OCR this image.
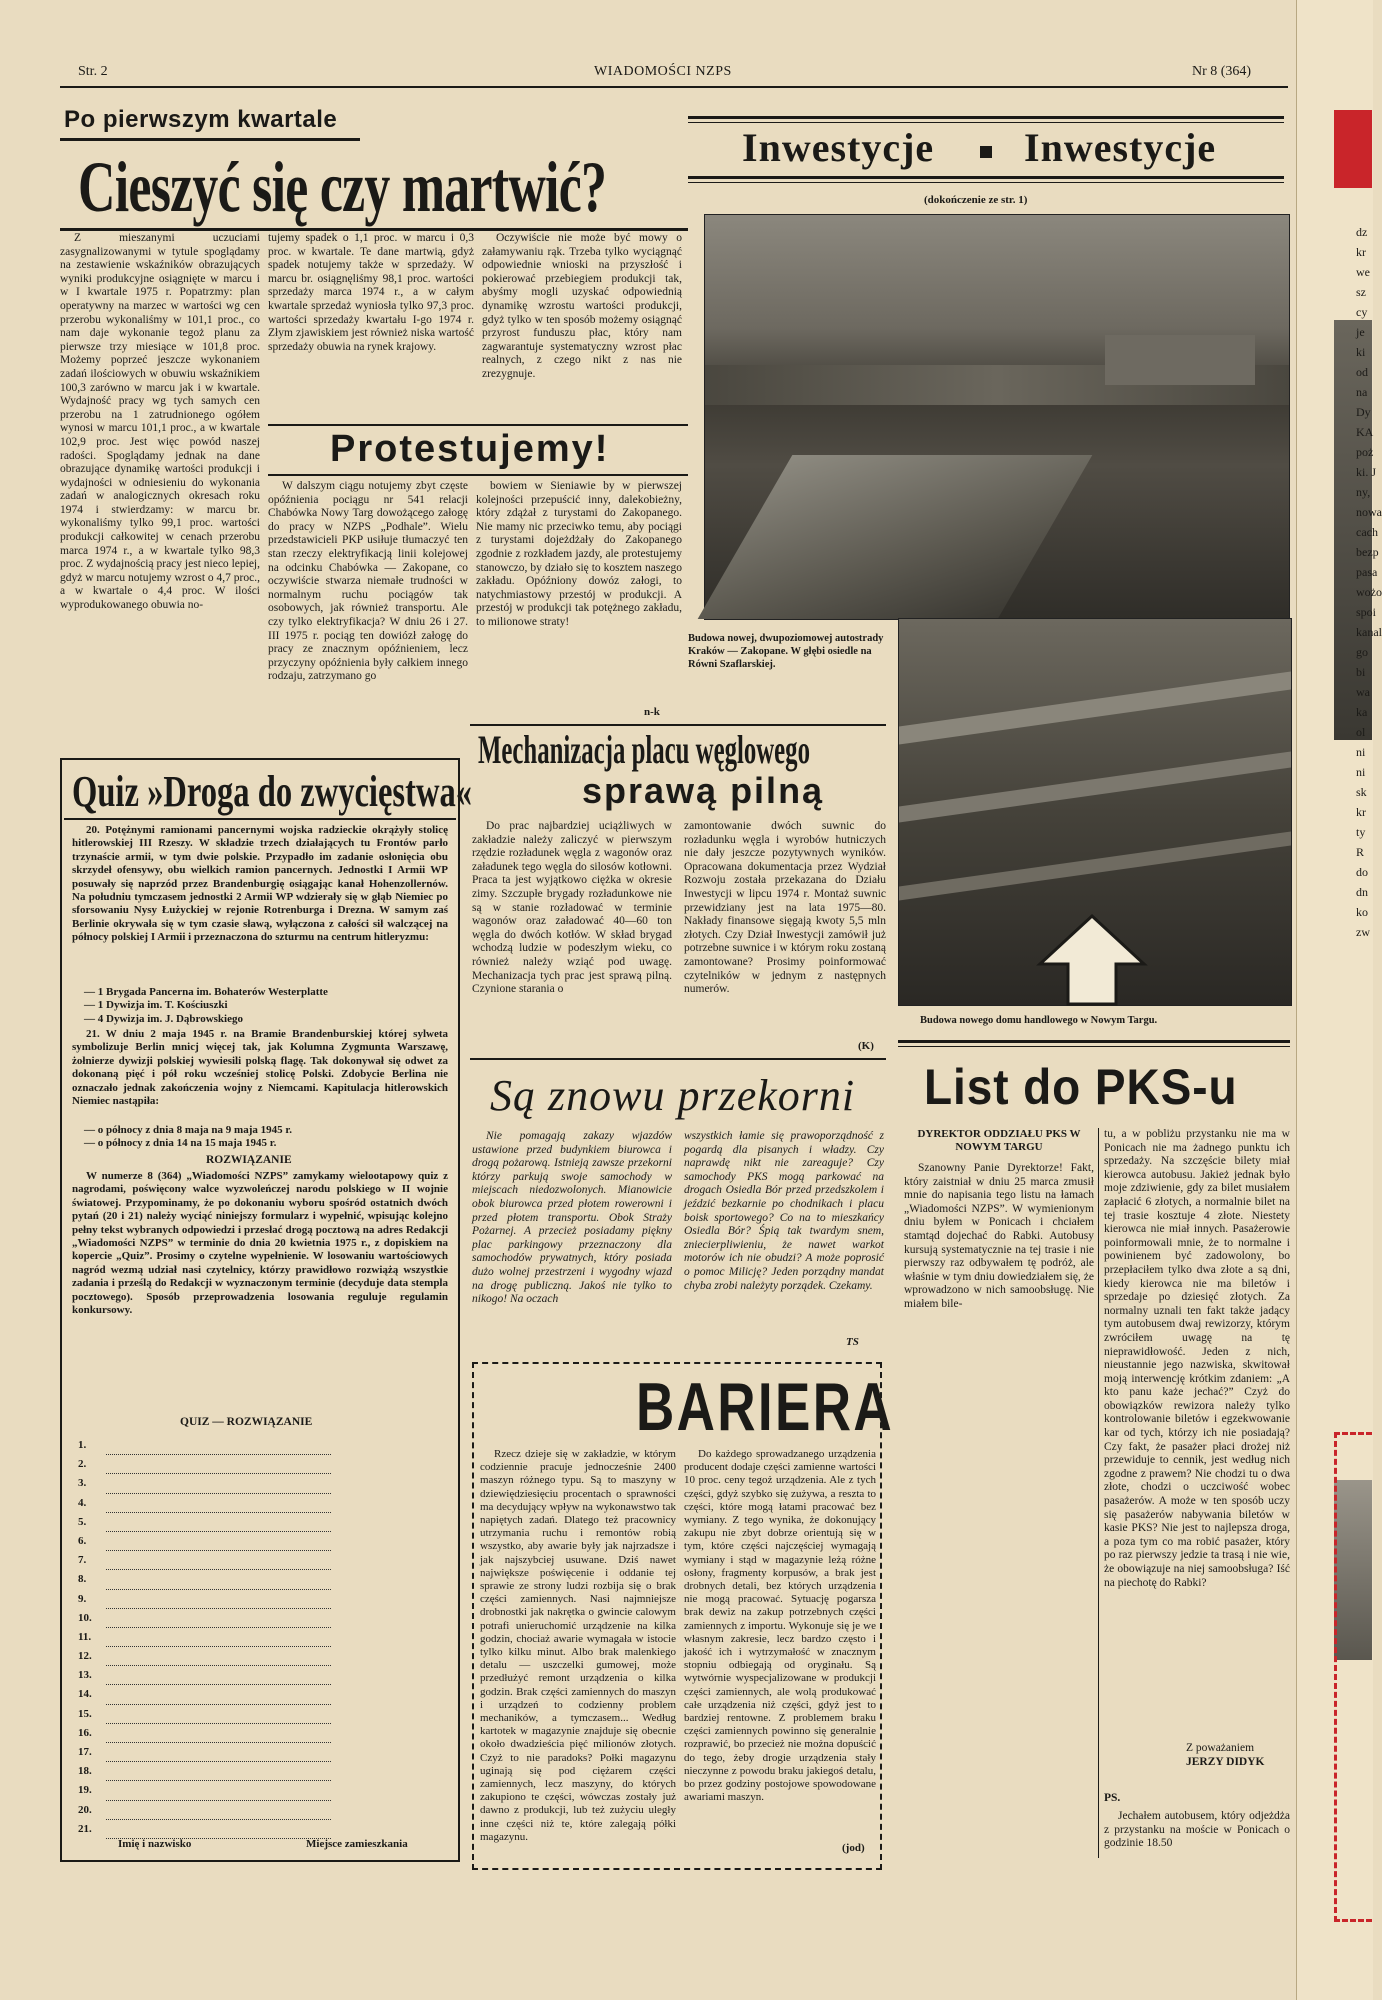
Str. 2	WIADOMOŚCI NZPS	Nr 8 (364)
Po pierwszym kwartale
Cieszyć się czy martwić?
Z mieszanymi uczuciami zasygnalizowanymi w tytule spoglądamy na zestawienie wskaźników obrazujących wyniki produkcyjne osiągnięte w marcu i w I kwartale 1975 r. Popatrzmy: plan operatywny na marzec w wartości wg cen przerobu wykonaliśmy w 101,1 proc., co nam daje wykonanie tegoż planu za pierwsze trzy miesiące w 101,8 proc. Możemy poprzeć jeszcze wykonaniem zadań ilościowych w obuwiu wskaźnikiem 100,3 zarówno w marcu jak i w kwartale. Wydajność pracy wg tych samych cen przerobu na 1 zatrudnionego ogółem wynosi w marcu 101,1 proc., a w kwartale 102,9 proc. Jest więc powód naszej radości. Spoglądamy jednak na dane obrazujące dynamikę wartości produkcji i wydajności w odniesieniu do wykonania zadań w analogicznych okresach roku 1974 i stwierdzamy: w marcu br. wykonaliśmy tylko 99,1 proc. wartości produkcji całkowitej w cenach przerobu marca 1974 r., a w kwartale tylko 98,3 proc. Z wydajnością pracy jest nieco lepiej, gdyż w marcu notujemy wzrost o 4,7 proc., a w kwartale o 4,4 proc. W ilości wyprodukowanego obuwia no-
tujemy spadek o 1,1 proc. w marcu i 0,3 proc. w kwartale. Te dane martwią, gdyż spadek notujemy także w sprzedaży. W marcu br. osiągnęliśmy 98,1 proc. wartości sprzedaży marca 1974 r., a w całym kwartale sprzedaż wyniosła tylko 97,3 proc. wartości sprzedaży kwartału I-go 1974 r. Złym zjawiskiem jest również niska wartość sprzedaży obuwia na rynek krajowy.
Oczywiście nie może być mowy o załamywaniu rąk. Trzeba tylko wyciągnąć odpowiednie wnioski na przyszłość i pokierować przebiegiem produkcji tak, abyśmy mogli uzyskać odpowiednią dynamikę wzrostu wartości produkcji, gdyż tylko w ten sposób możemy osiągnąć przyrost funduszu płac, który nam zagwarantuje systematyczny wzrost płac realnych, z czego nikt z nas nie zrezygnuje.
Protestujemy!
W dalszym ciągu notujemy zbyt częste opóźnienia pociągu nr 541 relacji Chabówka Nowy Targ dowożącego załogę do pracy w NZPS „Podhale”. Wielu przedstawicieli PKP usiłuje tłumaczyć ten stan rzeczy elektryfikacją linii kolejowej na odcinku Chabówka — Zakopane, co oczywiście stwarza niemałe trudności w normalnym ruchu pociągów tak osobowych, jak również transportu. Ale czy tylko elektryfikacja? W dniu 26 i 27. III 1975 r. pociąg ten dowiózł załogę do pracy ze znacznym opóźnieniem, lecz przyczyny opóźnienia były całkiem innego rodzaju, zatrzymano go
bowiem w Sieniawie by w pierwszej kolejności przepuścić inny, dalekobieżny, który zdążał z turystami do Zakopanego. Nie mamy nic przeciwko temu, aby pociągi z turystami dojeżdżały do Zakopanego zgodnie z rozkładem jazdy, ale protestujemy stanowczo, by działo się to kosztem naszego zakładu. Opóźniony dowóz załogi, to natychmiastowy przestój w produkcji. A przestój w produkcji tak potężnego zakładu, to milionowe straty!
n-k
Inwestycje Inwestycje
(dokończenie ze str. 1)
Budowa nowej, dwupoziomowej autostrady Kraków — Zakopane. W głębi osiedle na Równi Szaflarskiej.
Budowa nowego domu handlowego w Nowym Targu.
Quiz »Droga do zwycięstwa«
20. Potężnymi ramionami pancernymi wojska radzieckie okrążyły stolicę hitlerowskiej III Rzeszy. W składzie trzech działających tu Frontów parło trzynaście armii, w tym dwie polskie. Przypadło im zadanie osłonięcia obu skrzydeł ofensywy, obu wielkich ramion pancernych. Jednostki I Armii WP posuwały się naprzód przez Brandenburgię osiągając kanał Hohenzollernów. Na południu tymczasem jednostki 2 Armii WP wdzierały się w głąb Niemiec po sforsowaniu Nysy Łużyckiej w rejonie Rotrenburga i Drezna. W samym zaś Berlinie okrywała się w tym czasie sławą, wyłączona z całości sił walczącej na północy polskiej I Armii i przeznaczona do szturmu na centrum hitleryzmu:
— 1 Brygada Pancerna im. Bohaterów Westerplatte
— 1 Dywizja im. T. Kościuszki
— 4 Dywizja im. J. Dąbrowskiego
21. W dniu 2 maja 1945 r. na Bramie Brandenburskiej której sylweta symbolizuje Berlin mnicj więcej tak, jak Kolumna Zygmunta Warszawę, żołnierze dywizji polskiej wywiesili polską flagę. Tak dokonywał się odwet za dokonaną pięć i pół roku wcześniej stolicę Polski. Zdobycie Berlina nie oznaczało jednak zakończenia wojny z Niemcami. Kapitulacja hitlerowskich Niemiec nastąpiła:
— o północy z dnia 8 maja na 9 maja 1945 r.
— o północy z dnia 14 na 15 maja 1945 r.
ROZWIĄZANIE
W numerze 8 (364) „Wiadomości NZPS” zamykamy wielootapowy quiz z nagrodami, poświęcony walce wyzwoleńczej narodu polskiego w II wojnie światowej. Przypominamy, że po dokonaniu wyboru spośród ostatnich dwóch pytań (20 i 21) należy wyciąć niniejszy formularz i wypełnić, wpisując kolejno pełny tekst wybranych odpowiedzi i przesłać drogą pocztową na adres Redakcji „Wiadomości NZPS” w terminie do dnia 20 kwietnia 1975 r., z dopiskiem na kopercie „Quiz”. Prosimy o czytelne wypełnienie. W losowaniu wartościowych nagród wezmą udział nasi czytelnicy, którzy prawidłowo rozwiążą wszystkie zadania i prześlą do Redakcji w wyznaczonym terminie (decyduje data stempla pocztowego). Sposób przeprowadzenia losowania reguluje regulamin konkursowy.
QUIZ — ROZWIĄZANIE
1.
2.
3.
4.
5.
6.
7.
8.
9.
10.
11.
12.
13.
14.
15.
16.
17.
18.
19.
20.
21.
Imię i nazwisko	Miejsce zamieszkania
Mechanizacja placu węglowego
sprawą pilną
Do prac najbardziej uciążliwych w zakładzie należy zaliczyć w pierwszym rzędzie rozładunek węgla z wagonów oraz załadunek tego węgla do silosów kotłowni. Praca ta jest wyjątkowo ciężka w okresie zimy. Szczupłe brygady rozładunkowe nie są w stanie rozładować w terminie wagonów oraz załadować 40—60 ton węgla do dwóch kotłów. W skład brygad wchodzą ludzie w podeszłym wieku, co również należy wziąć pod uwagę. Mechanizacja tych prac jest sprawą pilną. Czynione starania o
zamontowanie dwóch suwnic do rozładunku węgla i wyrobów hutniczych nie dały jeszcze pozytywnych wyników. Opracowana dokumentacja przez Wydział Rozwoju została przekazana do Działu Inwestycji w lipcu 1974 r. Montaż suwnic przewidziany jest na lata 1975—80. Nakłady finansowe sięgają kwoty 5,5 mln złotych. Czy Dział Inwestycji zamówił już potrzebne suwnice i w którym roku zostaną zamontowane? Prosimy poinformować czytelników w jednym z następnych numerów.
(K)
Są znowu przekorni
Nie pomagają zakazy wjazdów ustawione przed budynkiem biurowca i drogą pożarową. Istnieją zawsze przekorni którzy parkują swoje samochody w miejscach niedozwolonych. Mianowicie obok biurowca przed płotem rowerowni i przed płotem transportu. Obok Straży Pożarnej. A przecież posiadamy piękny plac parkingowy przeznaczony dla samochodów prywatnych, który posiada dużo wolnej przestrzeni i wygodny wjazd na drogę publiczną. Jakoś nie tylko to nikogo! Na oczach
wszystkich łamie się prawoporządność z pogardą dla pisanych i władzy. Czy naprawdę nikt nie zareaguje? Czy samochody PKS mogą parkować na drogach Osiedla Bór przed przedszkolem i jeździć bezkarnie po chodnikach i placu boisk sportowego? Co na to mieszkańcy Osiedla Bór? Śpią tak twardym snem, zniecierpliwieniu, że nawet warkot motorów ich nie obudzi? A może poprosić o pomoc Milicję? Jeden porządny mandat chyba zrobi należyty porządek. Czekamy.
TS
BARIERA
Rzecz dzieje się w zakładzie, w którym codziennie pracuje jednocześnie 2400 maszyn różnego typu. Są to maszyny w dziewiędziesięciu procentach o sprawności ma decydujący wpływ na wykonawstwo tak napiętych zadań. Dlatego też pracownicy utrzymania ruchu i remontów robią wszystko, aby awarie były jak najrzadsze i jak najszybciej usuwane. Dziś nawet największe poświęcenie i oddanie tej sprawie ze strony ludzi rozbija się o brak części zamiennych. Nasi najmniejsze drobnostki jak nakrętka o gwincie calowym potrafi unieruchomić urządzenie na kilka godzin, chociaż awarie wymagała w istocie tylko kilku minut. Albo brak malenkiego detalu — uszczelki gumowej, może przedłużyć remont urządzenia o kilka godzin. Brak części zamiennych do maszyn i urządzeń to codzienny problem mechaników, a tymczasem... Według kartotek w magazynie znajduje się obecnie około dwadzieścia pięć milionów złotych. Czyż to nie paradoks? Połki magazynu uginają się pod ciężarem części zamiennych, lecz maszyny, do których zakupiono te części, wówczas zostały już dawno z produkcji, lub też zużyciu uległy inne części niż te, które zalegają półki magazynu.
Do każdego sprowadzanego urządzenia producent dodaje części zamienne wartości 10 proc. ceny tegoż urządzenia. Ale z tych części, gdyż szybko się zużywa, a reszta to części, które mogą łatami pracować bez wymiany. Z tego wynika, że dokonujący zakupu nie zbyt dobrze orientują się w tym, które części najczęściej wymagają wymiany i stąd w magazynie leżą różne osłony, fragmenty korpusów, a brak jest drobnych detali, bez których urządzenia nie mogą pracować. Sytuację pogarsza brak dewiz na zakup potrzebnych części zamiennych z importu. Wykonuje się je we własnym zakresie, lecz bardzo często i jakość ich i wytrzymałość w znacznym stopniu odbiegają od oryginału. Są wytwórnie wyspecjalizowane w produkcji części zamiennych, ale wolą produkować całe urządzenia niż części, gdyż jest to bardziej rentowne. Z problemem braku części zamiennych powinno się generalnie rozprawić, bo przecież nie można dopuścić do tego, żeby drogie urządzenia stały nieczynne z powodu braku jakiegoś detalu, bo przez godziny postojowe spowodowane awariami maszyn.
(jod)
List do PKS-u
DYREKTOR ODDZIAŁU PKS W NOWYM TARGU
Szanowny Panie Dyrektorze! Fakt, który zaistniał w dniu 25 marca zmusił mnie do napisania tego listu na łamach „Wiadomości NZPS”. W wymienionym dniu byłem w Ponicach i chciałem stamtąd dojechać do Rabki. Autobusy kursują systematycznie na tej trasie i nie pierwszy raz odbywałem tę podróż, ale właśnie w tym dniu dowiedziałem się, że wprowadzono w nich samoobsługę. Nie miałem bile-
tu, a w pobliżu przystanku nie ma w Ponicach nie ma żadnego punktu ich sprzedaży. Na szczęście bilety miał kierowca autobusu. Jakież jednak było moje zdziwienie, gdy za bilet musiałem zapłacić 6 złotych, a normalnie bilet na tej trasie kosztuje 4 złote. Niestety kierowca nie miał innych. Pasażerowie poinformowali mnie, że to normalne i powinienem być zadowolony, bo przepłaciłem tylko dwa złote a są dni, kiedy kierowca nie ma biletów i sprzedaje po dziesięć złotych. Za normalny uznali ten fakt także jadący tym autobusem dwaj rewizorzy, którym zwróciłem uwagę na tę nieprawidłowość. Jeden z nich, nieustannie jego nazwiska, skwitował moją interwencję krótkim zdaniem: „A kto panu każe jechać?” Czyż do obowiązków rewizora należy tylko kontrolowanie biletów i egzekwowanie kar od tych, którzy ich nie posiadają? Czy fakt, że pasażer płaci drożej niż przewiduje to cennik, jest według nich zgodne z prawem? Nie chodzi tu o dwa złote, chodzi o uczciwość wobec pasażerów. A może w ten sposób uczy się pasażerów nabywania biletów w kasie PKS? Nie jest to najlepsza droga, a poza tym co ma robić pasażer, który po raz pierwszy jedzie ta trasą i nie wie, że obowiązuje na niej samoobsługa? Iść na piechotę do Rabki?
Z poważaniem
JERZY DIDYK
PS.
Jechałem autobusem, który odjeżdża z przystanku na moście w Ponicach o godzinie 18.50
dz
kr
we
sz
cy
je
ki
od
na
Dy
KA
poż
ki. J
ny,
nowa
cach
bezp
pasa
wożo
spoi
kanal
go
bi
wa
ka
ol
ni
ni
sk
kr
ty
R
do
dn
ko
zw
